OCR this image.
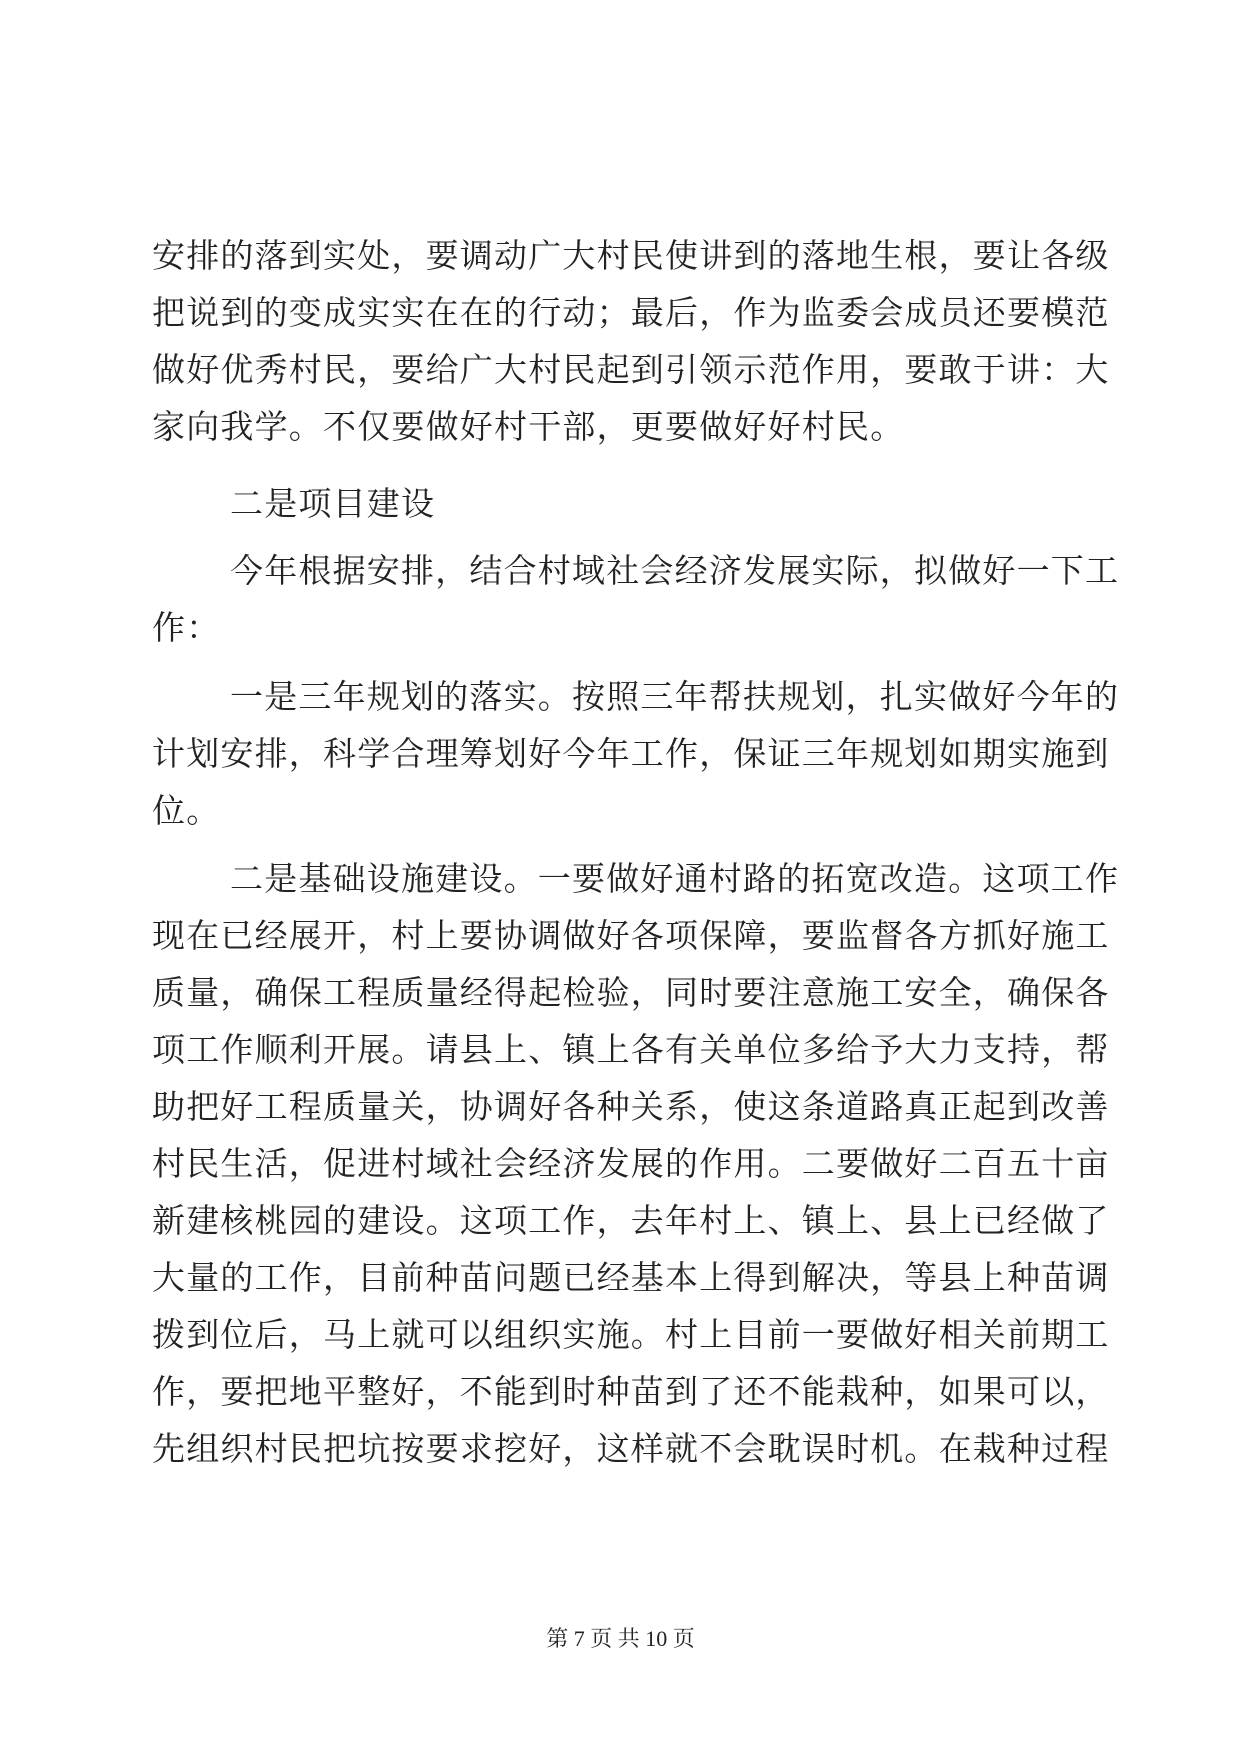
安排的落到实处，要调动广大村民使讲到的落地生根，要让各级
把说到的变成实实在在的行动；最后，作为监委会成员还要模范
做好优秀村民，要给广大村民起到引领示范作用，要敢于讲：大
家向我学。不仅要做好村干部，更要做好好村民。
二是项目建设
今年根据安排，结合村域社会经济发展实际，拟做好一下工
作：
一是三年规划的落实。按照三年帮扶规划，扎实做好今年的
计划安排，科学合理筹划好今年工作，保证三年规划如期实施到
位。
二是基础设施建设。一要做好通村路的拓宽改造。这项工作
现在已经展开，村上要协调做好各项保障，要监督各方抓好施工
质量，确保工程质量经得起检验，同时要注意施工安全，确保各
项工作顺利开展。请县上、镇上各有关单位多给予大力支持，帮
助把好工程质量关，协调好各种关系，使这条道路真正起到改善
村民生活，促进村域社会经济发展的作用。二要做好二百五十亩
新建核桃园的建设。这项工作，去年村上、镇上、县上已经做了
大量的工作，目前种苗问题已经基本上得到解决，等县上种苗调
拨到位后，马上就可以组织实施。村上目前一要做好相关前期工
作，要把地平整好，不能到时种苗到了还不能栽种，如果可以，
先组织村民把坑按要求挖好，这样就不会耽误时机。在栽种过程
第 7 页 共 10 页
